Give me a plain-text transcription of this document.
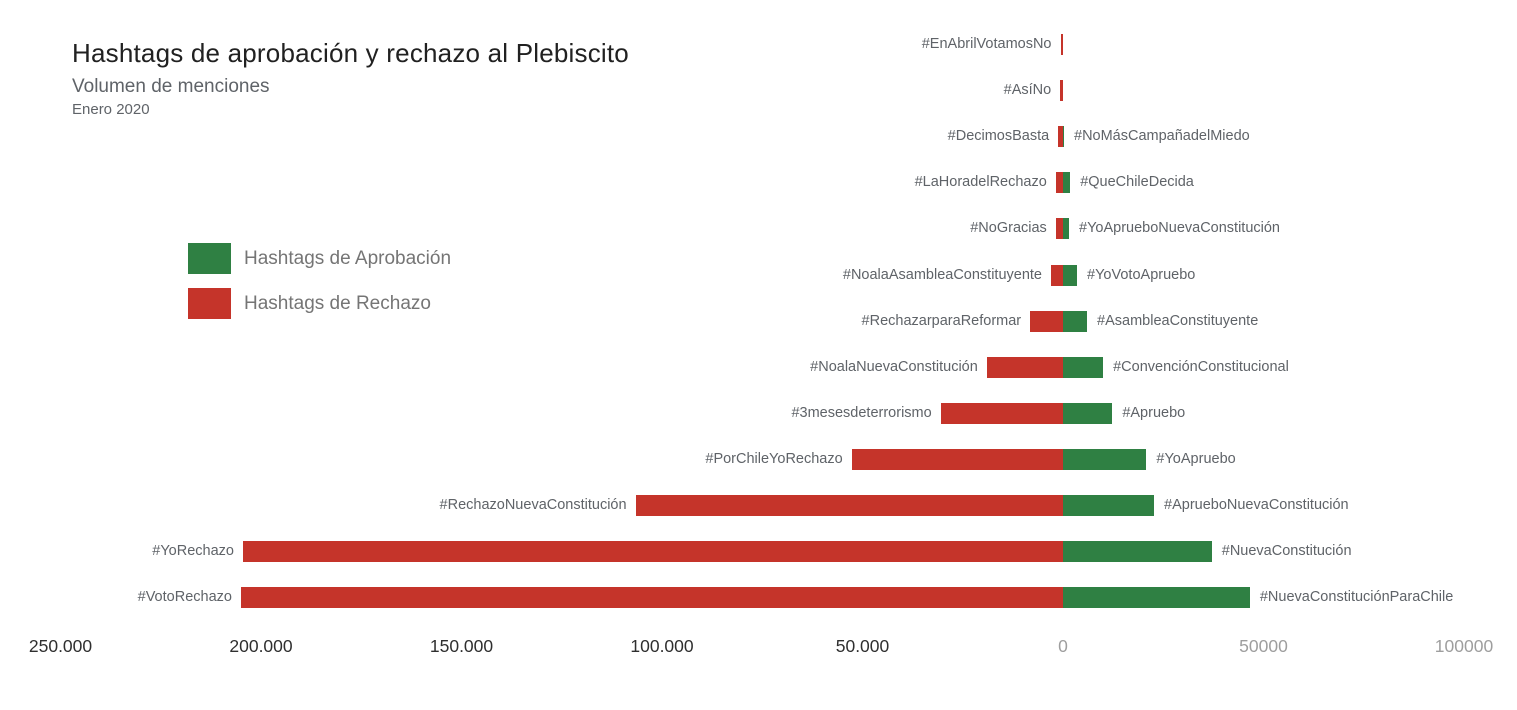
Hashtags de aprobación y rechazo al Plebiscito
Volumen de menciones
Enero 2020
Hashtags de Aprobación
Hashtags de Rechazo
#EnAbrilVotamosNo
#AsíNo
#DecimosBasta #NoMásCampañadelMiedo
#LaHoradelRechazo #QueChileDecida
#NoGracias #YoAprueboNuevaConstitución
#NoalaAsambleaConstituyente	#YoVotoApruebo
#RechazarparaReformar	#AsambleaConstituyente
#NoalaNuevaConstitución	#ConvenciónConstitucional
#3mesesdeterrorismo	#Apruebo
#PorChileYoRechazo	#YoApruebo
#RechazoNuevaConstitución	#AprueboNuevaConstitución
#YoRechazo	#NuevaConstitución
#VotoRechazo	#NuevaConstituciónParaChile
250.000	200.000	150.000	100.000	50.000	0	50000	100000
